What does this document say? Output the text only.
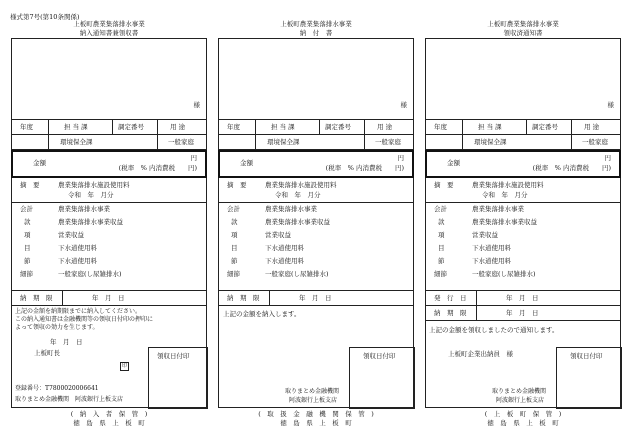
様式第7号(第10条関係)
上板町農業集落排水事業
納入通知書兼領収書
様
年度	担 当 課	調定番号	用 途
環境保全課	一般家庭
金額
円
(税率　% 内消費税　　円)
摘　要	農業集落排水施設使用料
令和　年　月分
会計	農業集落排水事業
款	農業集落排水事業収益
項	営業収益
目	下水道使用料
節	下水道使用料
細節	一般家庭(し尿雑排水)
納　期　限	年　月　日
上記の金額を納期限までに納入してください。
この納入通知書は金融機関等の領収日付印の押印に
よって領収の効力を生じます。
年　月　日
上板町長
印
領収日付印
登録番号：T7800020006641
取りまとめ金融機関　阿波銀行上板支店
(　納　入　者　保　管　)
徳　島　県　上　板　町
上板町農業集落排水事業
納　付　書
様
年度	担 当 課	調定番号	用 途
環境保全課	一般家庭
金額
円
(税率　% 内消費税　　円)
摘　要	農業集落排水施設使用料
令和　年　月分
会計	農業集落排水事業
款	農業集落排水事業収益
項	営業収益
目	下水道使用料
節	下水道使用料
細節	一般家庭(し尿雑排水)
納　期　限	年　月　日
上記の金額を納入します。
領収日付印
取りまとめ金融機関
阿波銀行上板支店
(　取　扱　金　融　機　関　保　管　)
徳　島　県　上　板　町
上板町農業集落排水事業
領収済通知書
様
年度	担 当 課	調定番号	用 途
環境保全課	一般家庭
金額
円
(税率　% 内消費税　　円)
摘　要	農業集落排水施設使用料
令和　年　月分
会計	農業集落排水事業
款	農業集落排水事業収益
項	営業収益
目	下水道使用料
節	下水道使用料
細節	一般家庭(し尿雑排水)
発　行　日	年　月　日
納　期　限	年　月　日
上記の金額を領収しましたので通知します。
上板町企業出納員　様	領収日付印
取りまとめ金融機関
阿波銀行上板支店
(　上　板　町　保　管　)
徳　島　県　上　板　町
